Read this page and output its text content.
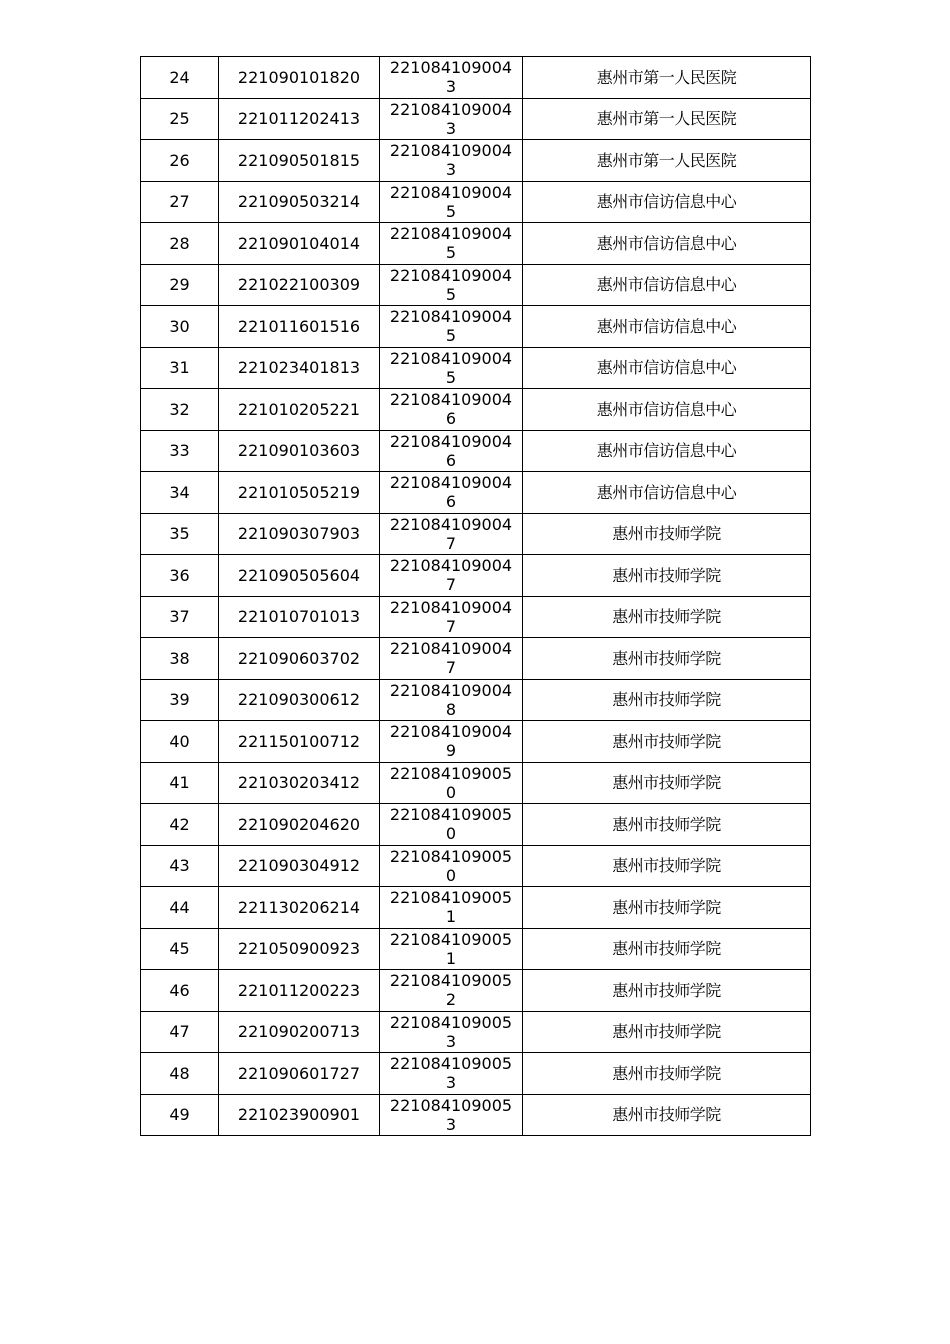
24	221090101820	2210841090043	惠州市第一人民医院
25	221011202413	2210841090043	惠州市第一人民医院
26	221090501815	2210841090043	惠州市第一人民医院
27	221090503214	2210841090045	惠州市信访信息中心
28	221090104014	2210841090045	惠州市信访信息中心
29	221022100309	2210841090045	惠州市信访信息中心
30	221011601516	2210841090045	惠州市信访信息中心
31	221023401813	2210841090045	惠州市信访信息中心
32	221010205221	2210841090046	惠州市信访信息中心
33	221090103603	2210841090046	惠州市信访信息中心
34	221010505219	2210841090046	惠州市信访信息中心
35	221090307903	2210841090047	惠州市技师学院
36	221090505604	2210841090047	惠州市技师学院
37	221010701013	2210841090047	惠州市技师学院
38	221090603702	2210841090047	惠州市技师学院
39	221090300612	2210841090048	惠州市技师学院
40	221150100712	2210841090049	惠州市技师学院
41	221030203412	2210841090050	惠州市技师学院
42	221090204620	2210841090050	惠州市技师学院
43	221090304912	2210841090050	惠州市技师学院
44	221130206214	2210841090051	惠州市技师学院
45	221050900923	2210841090051	惠州市技师学院
46	221011200223	2210841090052	惠州市技师学院
47	221090200713	2210841090053	惠州市技师学院
48	221090601727	2210841090053	惠州市技师学院
49	221023900901	2210841090053	惠州市技师学院
